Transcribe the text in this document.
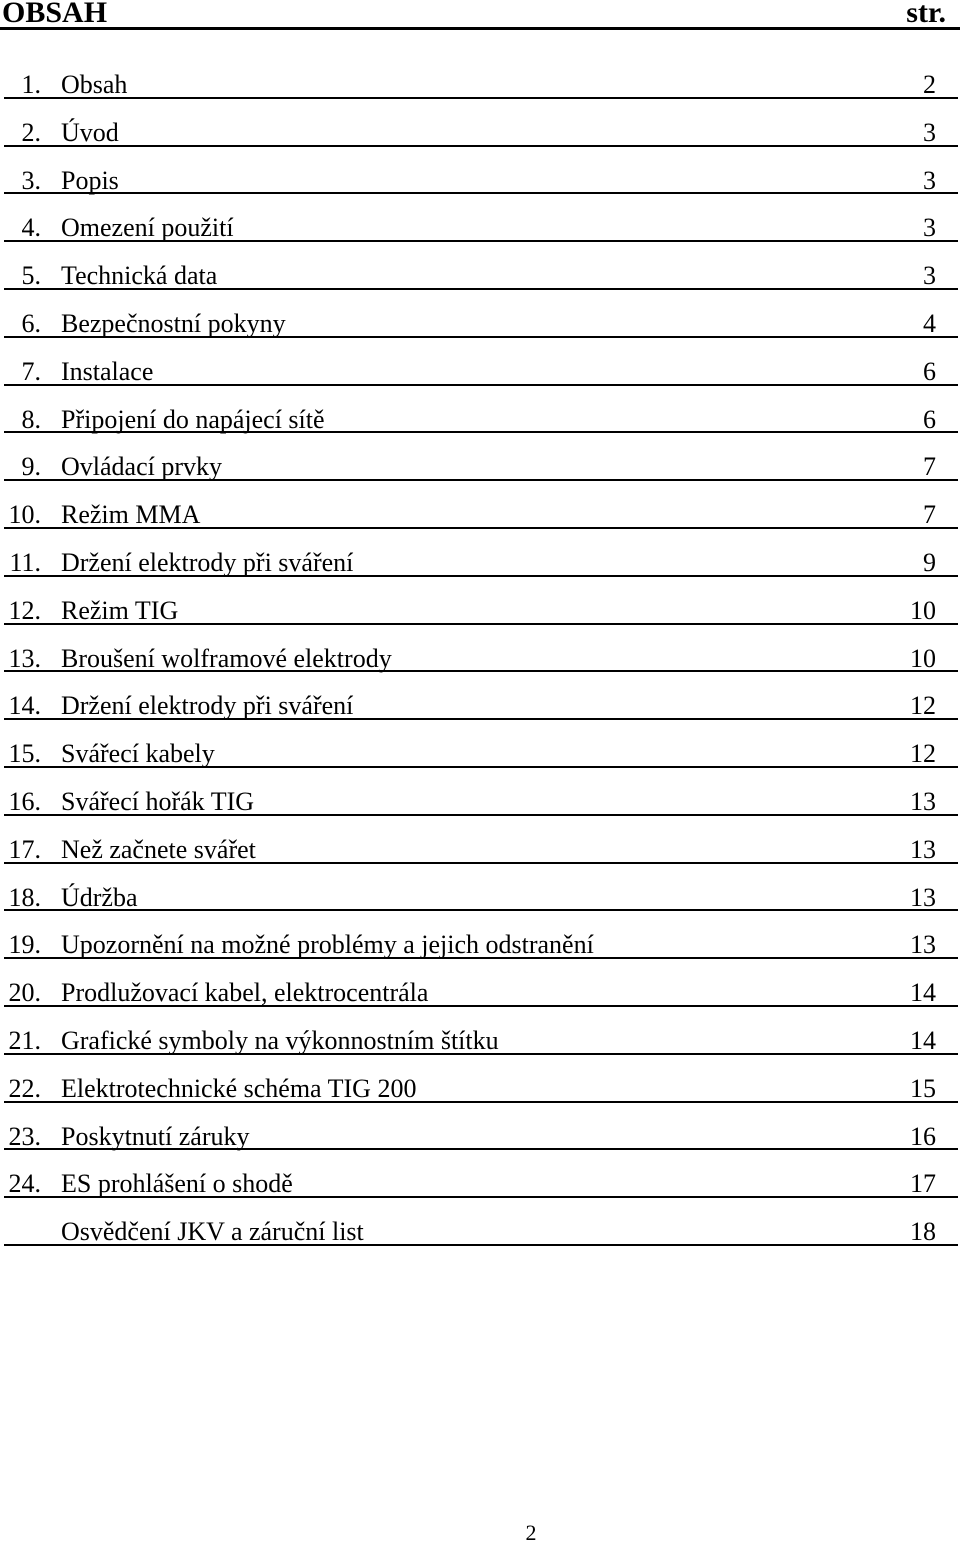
OBSAH	str.
1. Obsah	2
2. Úvod	3
3. Popis	3
4. Omezení použití	3
5. Technická data	3
6. Bezpečnostní pokyny	4
7. Instalace	6
8. Připojení do napájecí sítě	6
9. Ovládací prvky	7
10. Režim MMA	7
11. Držení elektrody při sváření	9
12. Režim TIG	10
13. Broušení wolframové elektrody	10
14. Držení elektrody při sváření	12
15. Svářecí kabely	12
16. Svářecí hořák TIG	13
17. Než začnete svářet	13
18. Údržba	13
19. Upozornění na možné problémy a jejich odstranění	13
20. Prodlužovací kabel, elektrocentrála	14
21. Grafické symboly na výkonnostním štítku	14
22. Elektrotechnické schéma TIG 200	15
23. Poskytnutí záruky	16
24. ES prohlášení o shodě	17
Osvědčení JKV a záruční list	18
2
